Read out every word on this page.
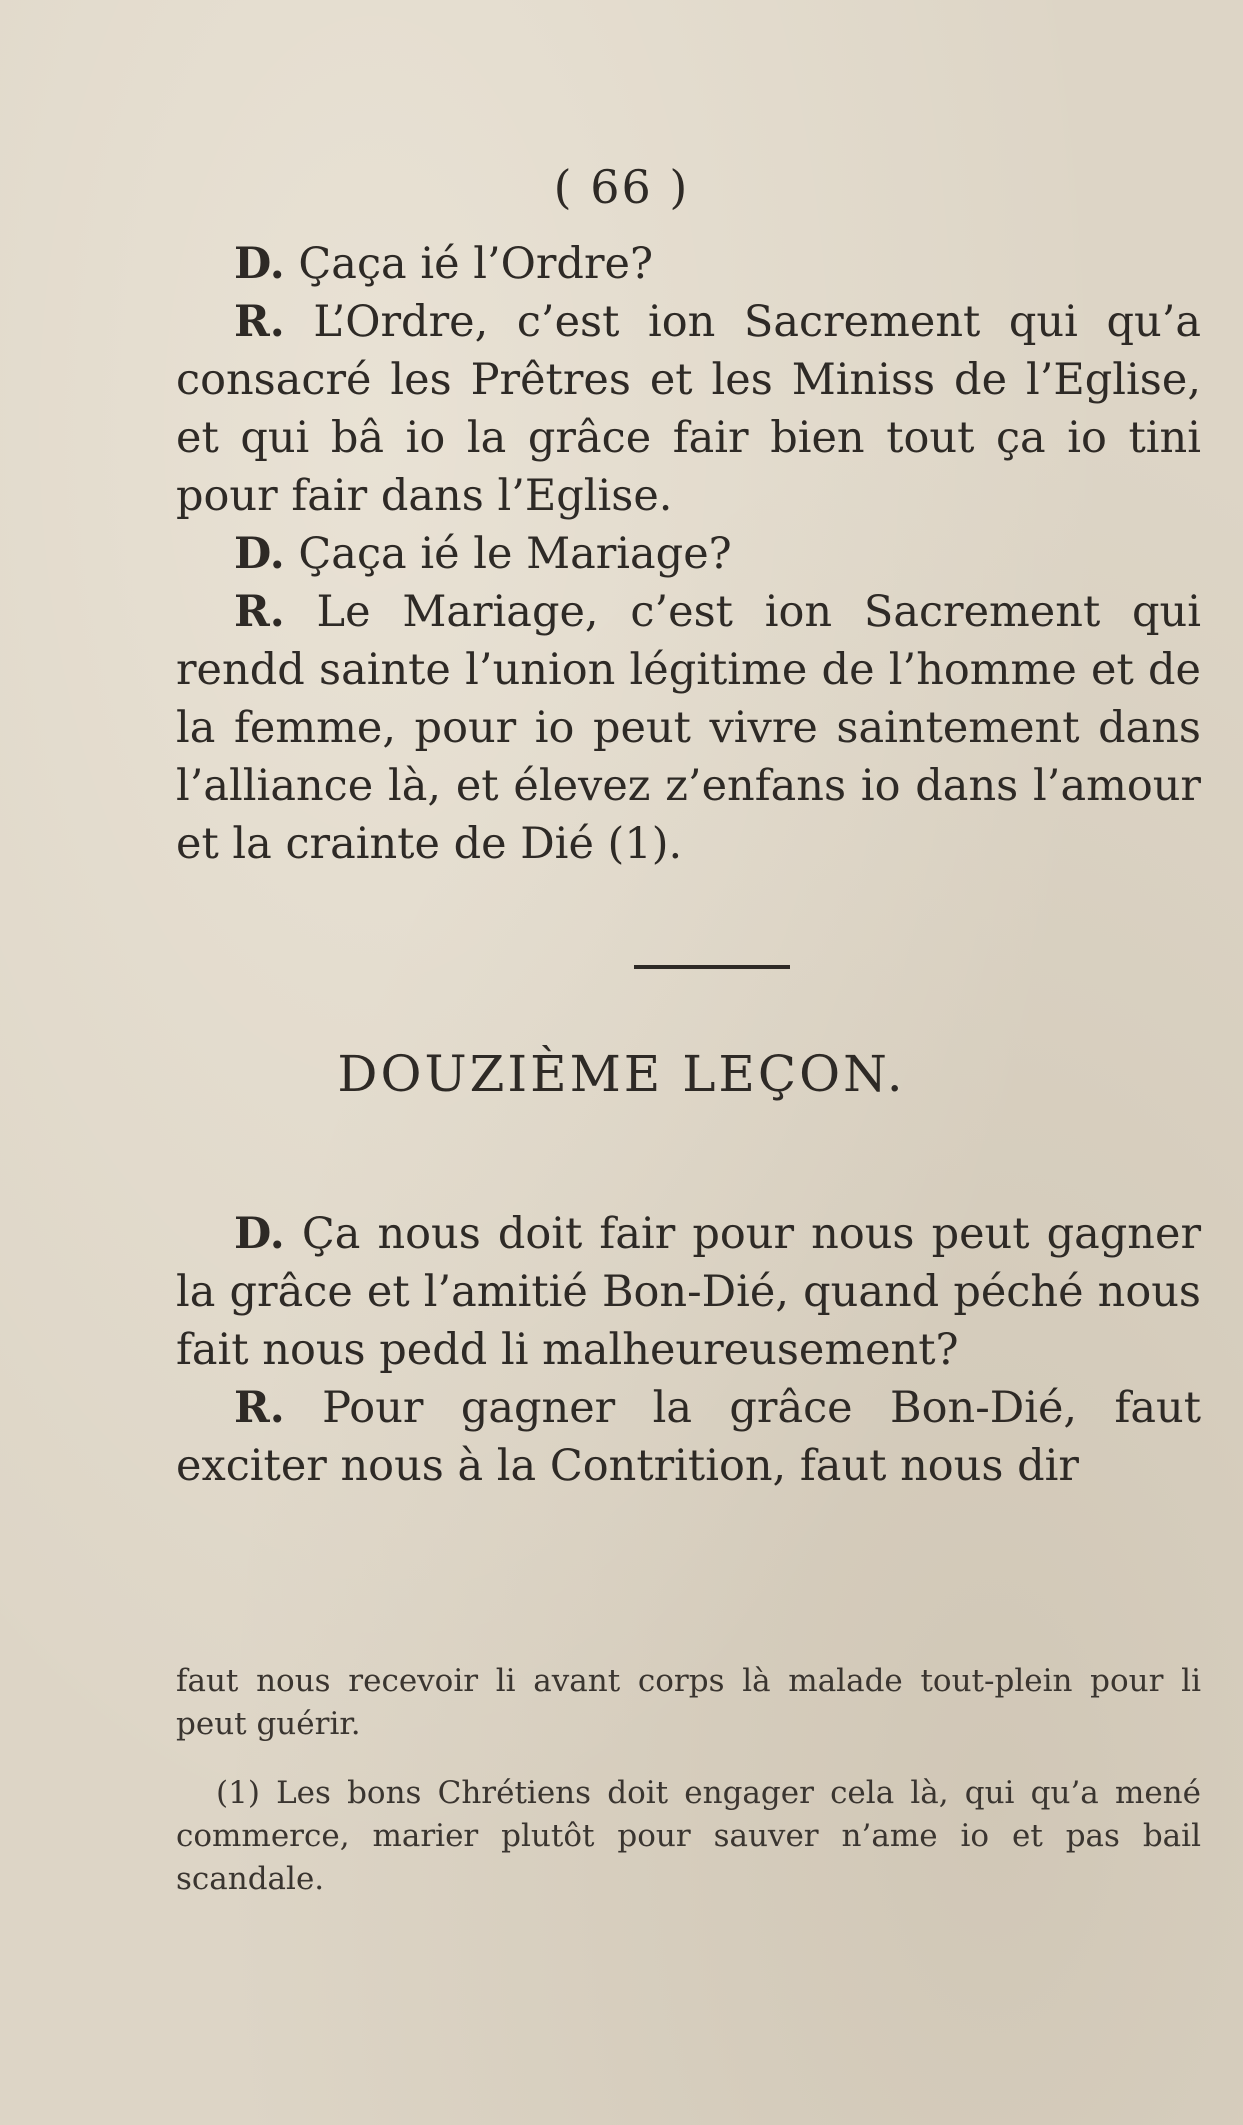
( 66 )

D. Çaça ié l’Ordre?

R. L’Ordre, c’est ion Sacrement qui qu’a consacré les Prêtres et les Miniss de l’Eglise, et qui bâ io la grâce fair bien tout ça io tini pour fair dans l’Eglise.

D. Çaça ié le Mariage?

R. Le Mariage, c’est ion Sacrement qui rendd sainte l’union légitime de l’homme et de la femme, pour io peut vivre saintement dans l’alliance là, et élevez z’enfans io dans l’amour et la crainte de Dié (1).

DOUZIÈME LEÇON.

D. Ça nous doit fair pour nous peut gagner la grâce et l’amitié Bon-Dié, quand péché nous fait nous pedd li malheureusement?

R. Pour gagner la grâce Bon-Dié, faut exciter nous à la Contrition, faut nous dir

faut nous recevoir li avant corps là malade tout-plein pour li peut guérir.

(1) Les bons Chrétiens doit engager cela là, qui qu’a mené commerce, marier plutôt pour sauver n’ame io et pas bail scandale.
